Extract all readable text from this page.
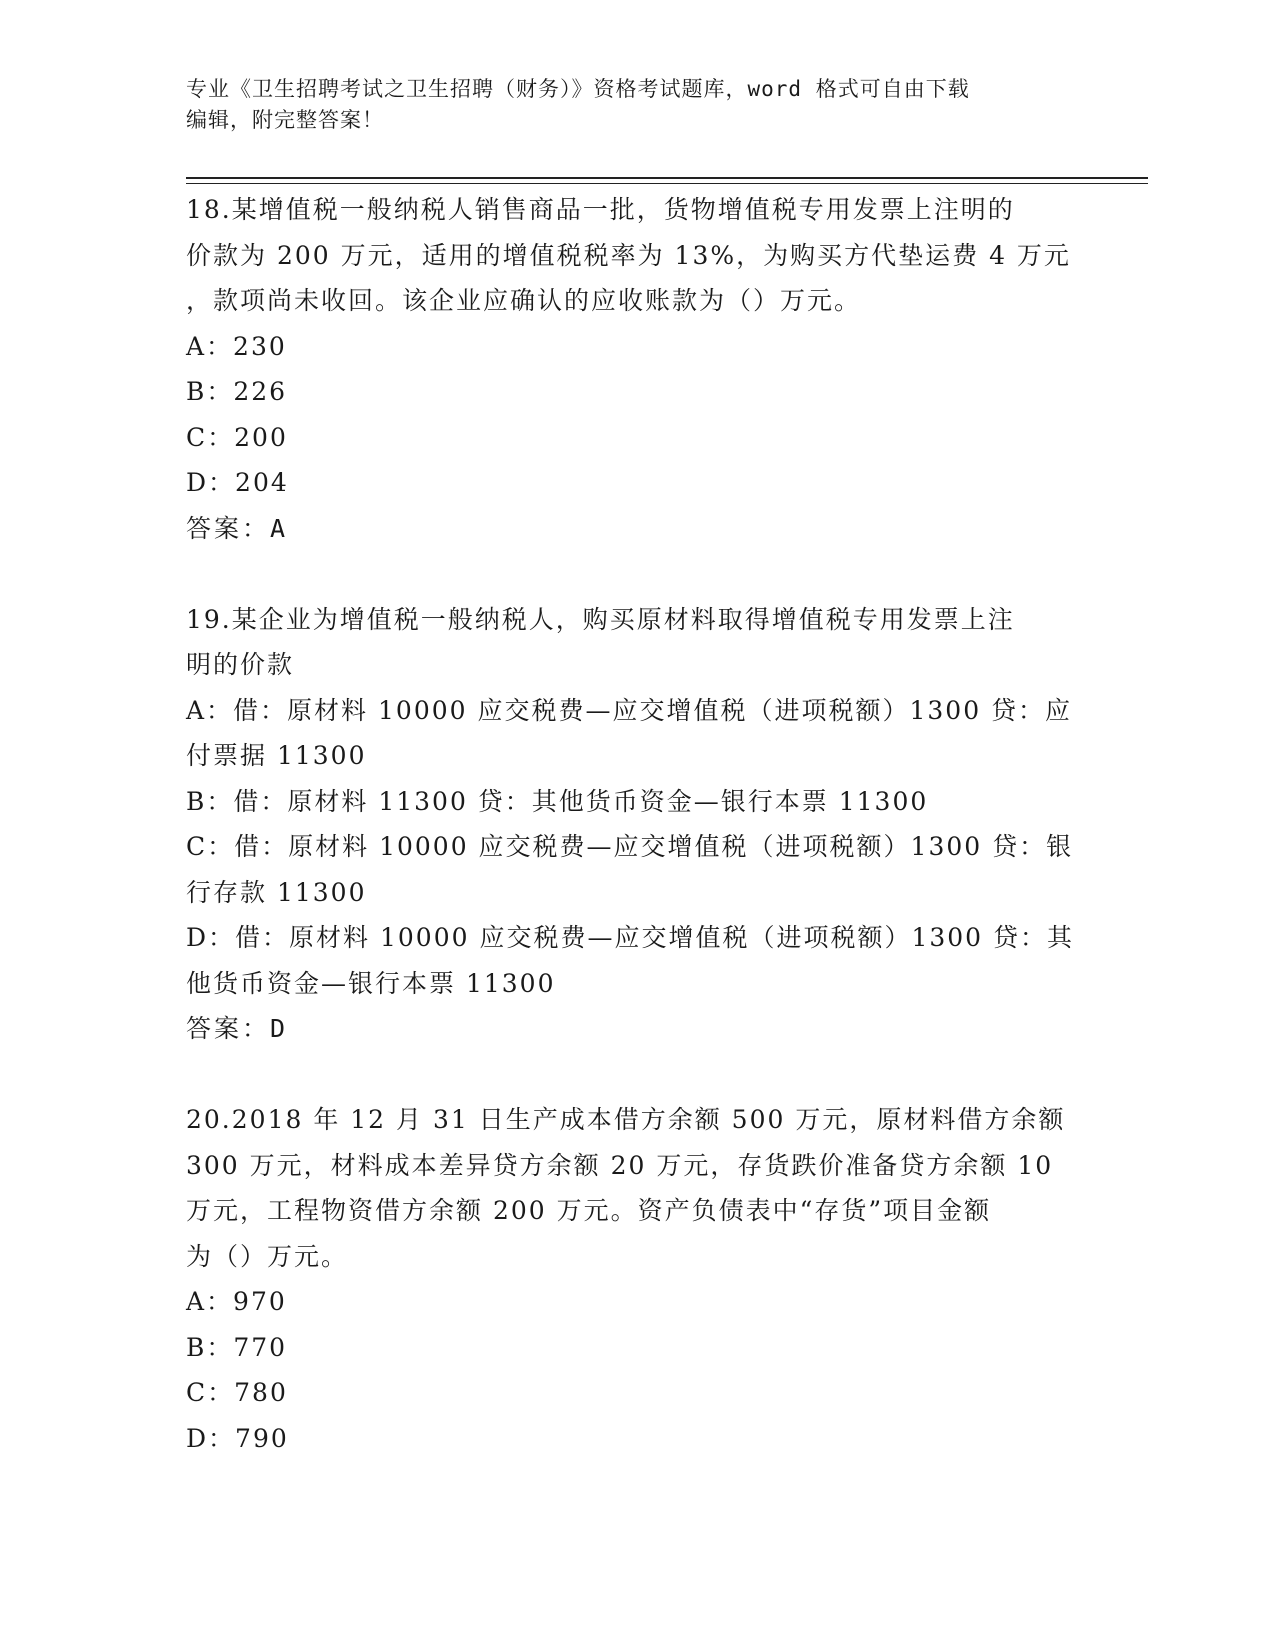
专业《卫生招聘考试之卫生招聘（财务）》资格考试题库，word 格式可自由下载
编辑，附完整答案！
18.某增值税一般纳税人销售商品一批，货物增值税专用发票上注明的
价款为 200 万元，适用的增值税税率为 13%，为购买方代垫运费 4 万元
，款项尚未收回。该企业应确认的应收账款为（）万元。
A：230
B：226
C：200
D：204
答案：A
19.某企业为增值税一般纳税人，购买原材料取得增值税专用发票上注
明的价款
A：借：原材料 10000 应交税费—应交增值税（进项税额）1300 贷：应
付票据 11300
B：借：原材料 11300 贷：其他货币资金—银行本票 11300
C：借：原材料 10000 应交税费—应交增值税（进项税额）1300 贷：银
行存款 11300
D：借：原材料 10000 应交税费—应交增值税（进项税额）1300 贷：其
他货币资金—银行本票 11300
答案：D
20.2018 年 12 月 31 日生产成本借方余额 500 万元，原材料借方余额
300 万元，材料成本差异贷方余额 20 万元，存货跌价准备贷方余额 10
万元，工程物资借方余额 200 万元。资产负债表中“存货”项目金额
为（）万元。
A：970
B：770
C：780
D：790
